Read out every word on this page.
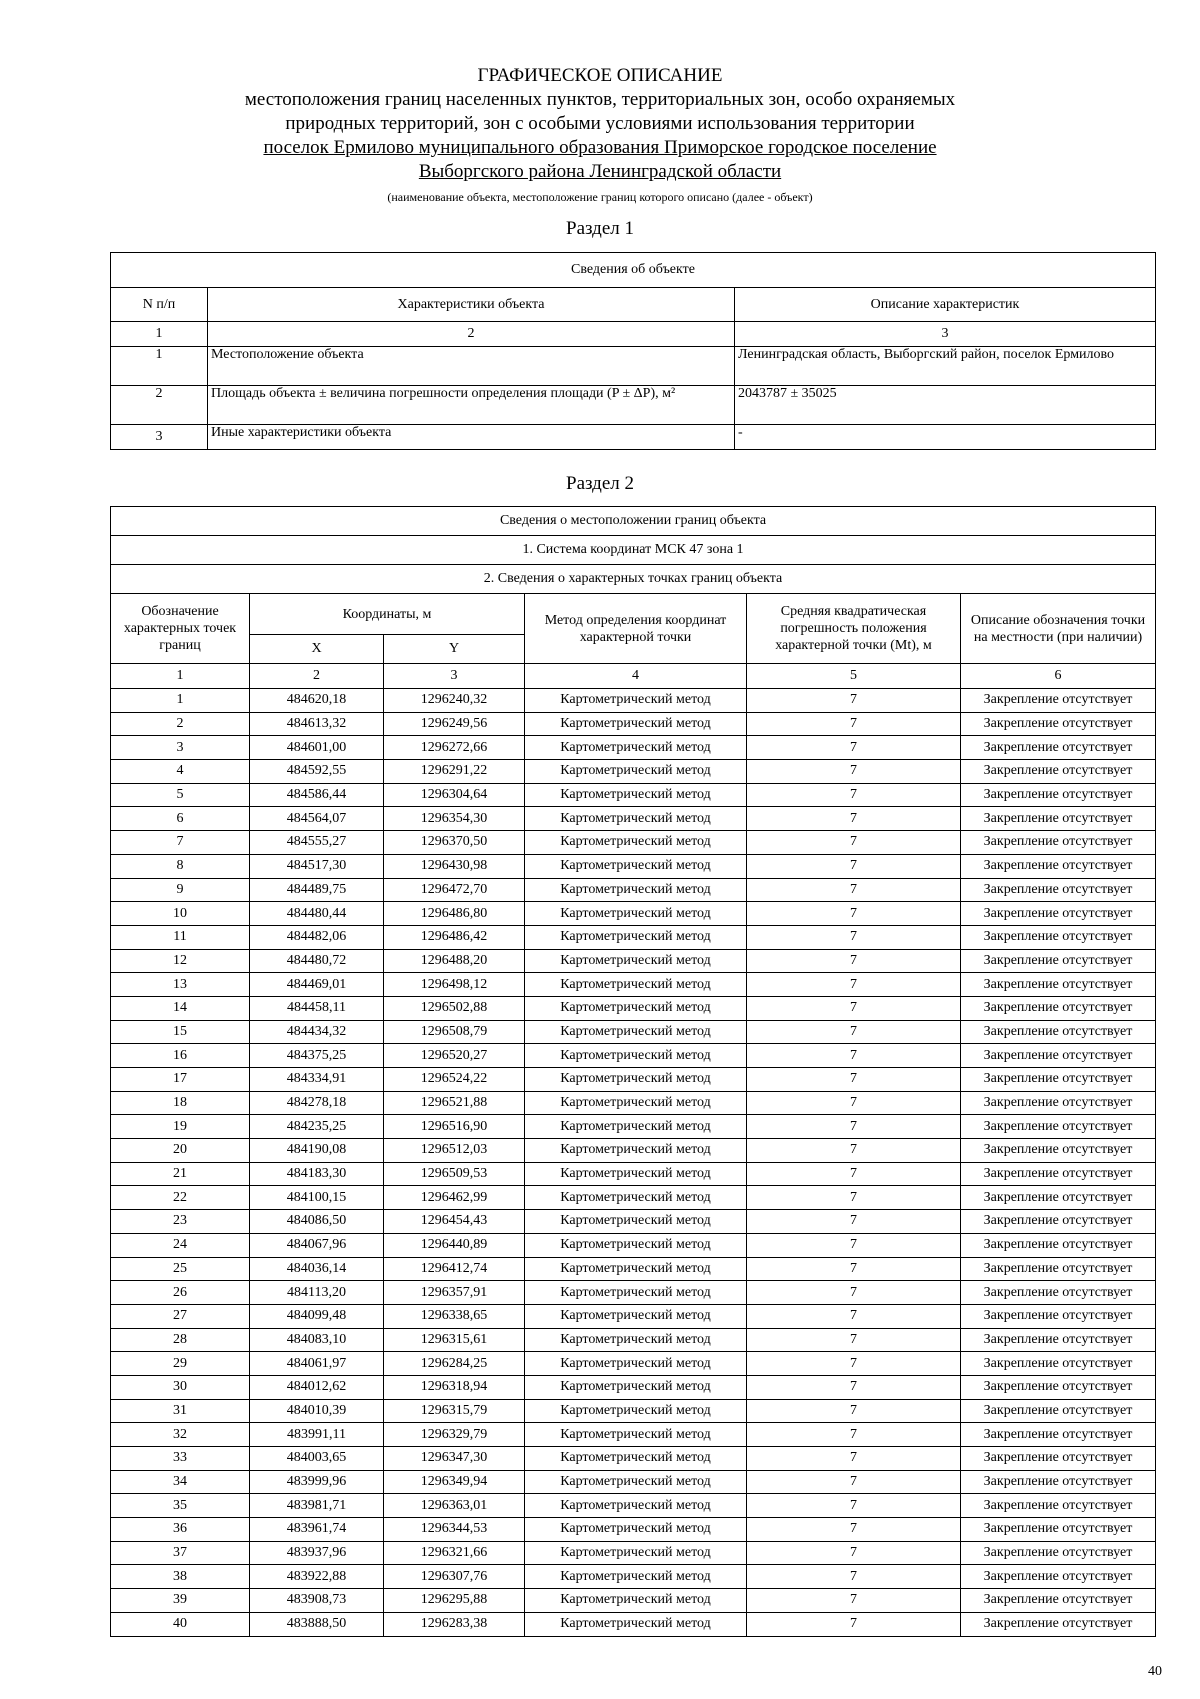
ГРАФИЧЕСКОЕ ОПИСАНИЕ
местоположения границ населенных пунктов, территориальных зон, особо охраняемых
природных территорий, зон с особыми условиями использования территории
поселок Ермилово муниципального образования Приморское городское поселение
Выборгского района Ленинградской области
(наименование объекта, местоположение границ которого описано (далее - объект)
Раздел 1
Сведения об объекте		
N п/п	Характеристики объекта	Описание характеристик
1	2	3
1	Местоположение объекта	Ленинградская область, Выборгский район, поселок Ермилово
2	Площадь объекта ± величина погрешности определения площади (P ± ΔP), м²	2043787 ± 35025
3	Иные характеристики объекта	-
Раздел 2
Сведения о местоположении границ объекта					
1. Система координат МСК 47 зона 1					
2. Сведения о характерных точках границ объекта					
Обозначение характерных точек границ	Координаты, м		Метод определения координат характерной точки	Средняя квадратическая погрешность положения характерной точки (Mt), м	Описание обозначения точки на местности (при наличии)
	X	Y			
1	2	3	4	5	6
1	484620,18	1296240,32	Картометрический метод	7	Закрепление отсутствует
2	484613,32	1296249,56	Картометрический метод	7	Закрепление отсутствует
3	484601,00	1296272,66	Картометрический метод	7	Закрепление отсутствует
4	484592,55	1296291,22	Картометрический метод	7	Закрепление отсутствует
5	484586,44	1296304,64	Картометрический метод	7	Закрепление отсутствует
6	484564,07	1296354,30	Картометрический метод	7	Закрепление отсутствует
7	484555,27	1296370,50	Картометрический метод	7	Закрепление отсутствует
8	484517,30	1296430,98	Картометрический метод	7	Закрепление отсутствует
9	484489,75	1296472,70	Картометрический метод	7	Закрепление отсутствует
10	484480,44	1296486,80	Картометрический метод	7	Закрепление отсутствует
11	484482,06	1296486,42	Картометрический метод	7	Закрепление отсутствует
12	484480,72	1296488,20	Картометрический метод	7	Закрепление отсутствует
13	484469,01	1296498,12	Картометрический метод	7	Закрепление отсутствует
14	484458,11	1296502,88	Картометрический метод	7	Закрепление отсутствует
15	484434,32	1296508,79	Картометрический метод	7	Закрепление отсутствует
16	484375,25	1296520,27	Картометрический метод	7	Закрепление отсутствует
17	484334,91	1296524,22	Картометрический метод	7	Закрепление отсутствует
18	484278,18	1296521,88	Картометрический метод	7	Закрепление отсутствует
19	484235,25	1296516,90	Картометрический метод	7	Закрепление отсутствует
20	484190,08	1296512,03	Картометрический метод	7	Закрепление отсутствует
21	484183,30	1296509,53	Картометрический метод	7	Закрепление отсутствует
22	484100,15	1296462,99	Картометрический метод	7	Закрепление отсутствует
23	484086,50	1296454,43	Картометрический метод	7	Закрепление отсутствует
24	484067,96	1296440,89	Картометрический метод	7	Закрепление отсутствует
25	484036,14	1296412,74	Картометрический метод	7	Закрепление отсутствует
26	484113,20	1296357,91	Картометрический метод	7	Закрепление отсутствует
27	484099,48	1296338,65	Картометрический метод	7	Закрепление отсутствует
28	484083,10	1296315,61	Картометрический метод	7	Закрепление отсутствует
29	484061,97	1296284,25	Картометрический метод	7	Закрепление отсутствует
30	484012,62	1296318,94	Картометрический метод	7	Закрепление отсутствует
31	484010,39	1296315,79	Картометрический метод	7	Закрепление отсутствует
32	483991,11	1296329,79	Картометрический метод	7	Закрепление отсутствует
33	484003,65	1296347,30	Картометрический метод	7	Закрепление отсутствует
34	483999,96	1296349,94	Картометрический метод	7	Закрепление отсутствует
35	483981,71	1296363,01	Картометрический метод	7	Закрепление отсутствует
36	483961,74	1296344,53	Картометрический метод	7	Закрепление отсутствует
37	483937,96	1296321,66	Картометрический метод	7	Закрепление отсутствует
38	483922,88	1296307,76	Картометрический метод	7	Закрепление отсутствует
39	483908,73	1296295,88	Картометрический метод	7	Закрепление отсутствует
40	483888,50	1296283,38	Картометрический метод	7	Закрепление отсутствует
40
